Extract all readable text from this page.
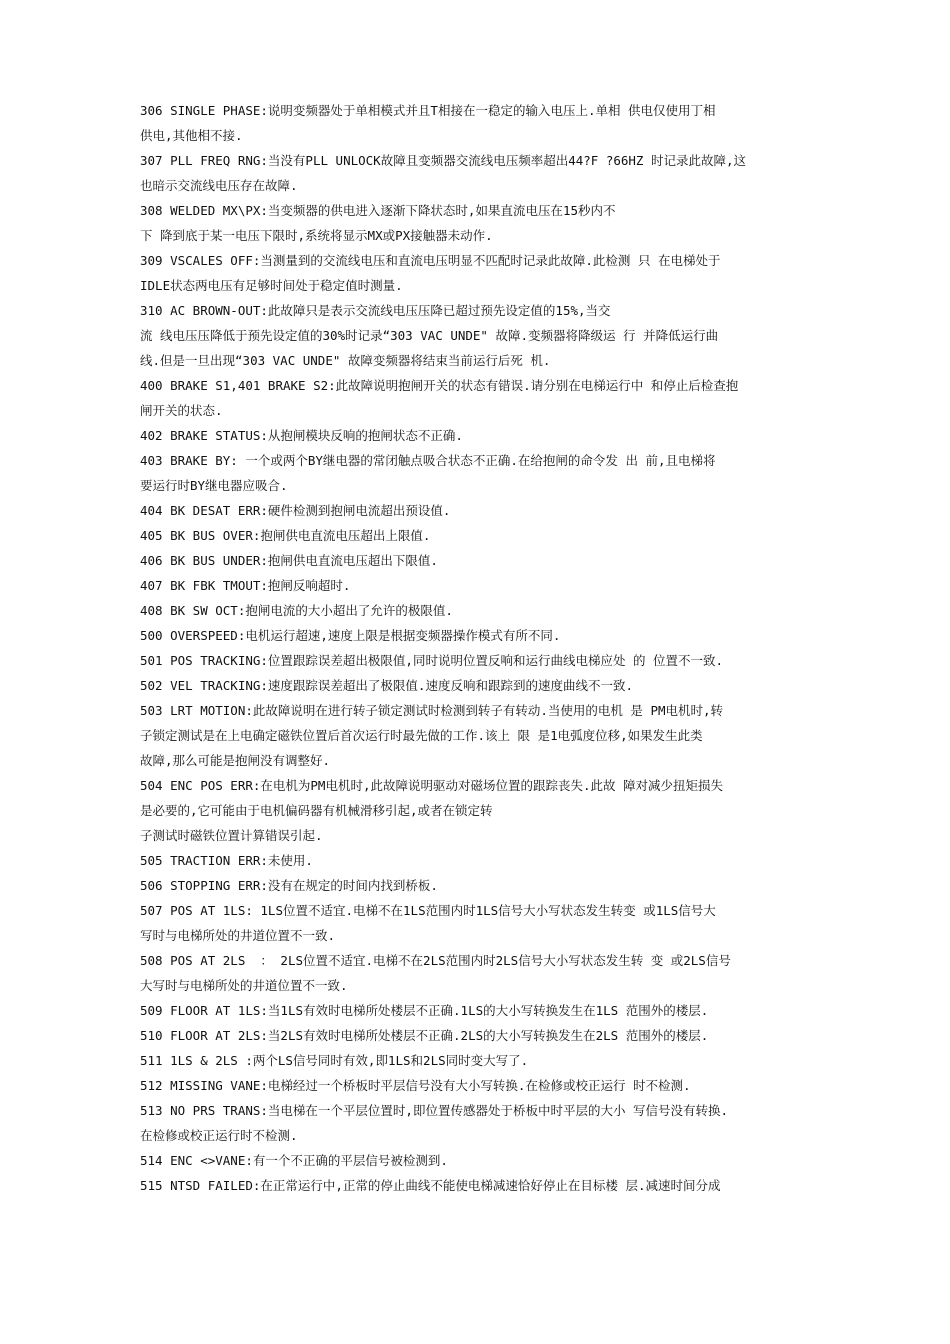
306 SINGLE PHASE:说明变频器处于单相模式并且T相接在一稳定的输入电压上.单相 供电仅使用丁相
供电,其他相不接.
307 PLL FREQ RNG:当没有PLL UNLOCK故障且变频器交流线电压频率超出44?F ?66HZ 时记录此故障,这
也暗示交流线电压存在故障.
308 WELDED MX\PX:当变频器的供电进入逐渐下降状态时,如果直流电压在15秒内不
下 降到底于某一电压下限时,系统将显示MX或PX接触器未动作.
309 VSCALES OFF:当测量到的交流线电压和直流电压明显不匹配时记录此故障.此检测 只 在电梯处于
IDLE状态两电压有足够时间处于稳定值时测量.
310 AC BROWN-OUT:此故障只是表示交流线电压压降已超过预先设定值的15%,当交
流 线电压压降低于预先设定值的30%时记录“303 VAC UNDE" 故障.变频器将降级运 行 并降低运行曲
线.但是一旦出现“303 VAC UNDE" 故障变频器将结束当前运行后死 机.
400 BRAKE S1,401 BRAKE S2:此故障说明抱闸开关的状态有错误.请分别在电梯运行中 和停止后检查抱
闸开关的状态.
402 BRAKE STATUS:从抱闸模块反响的抱闸状态不正确.
403 BRAKE BY: 一个或两个BY继电器的常闭触点吸合状态不正确.在给抱闸的命令发 出 前,且电梯将
要运行时BY继电器应吸合.
404 BK DESAT ERR:硬件检测到抱闸电流超出预设值.
405 BK BUS OVER:抱闸供电直流电压超出上限值.
406 BK BUS UNDER:抱闸供电直流电压超出下限值.
407 BK FBK TMOUT:抱闸反响超时.
408 BK SW OCT:抱闸电流的大小超出了允许的极限值.
500 OVERSPEED:电机运行超速,速度上限是根据变频器操作模式有所不同.
501 POS TRACKING:位置跟踪误差超出极限值,同时说明位置反响和运行曲线电梯应处 的 位置不一致.
502 VEL TRACKING:速度跟踪误差超出了极限值.速度反响和跟踪到的速度曲线不一致.
503 LRT MOTION:此故障说明在进行转子锁定测试时检测到转子有转动.当使用的电机 是 PM电机时,转
子锁定测试是在上电确定磁铁位置后首次运行时最先做的工作.该上 限 是1电弧度位移,如果发生此类
故障,那么可能是抱闸没有调整好.
504 ENC POS ERR:在电机为PM电机时,此故障说明驱动对磁场位置的跟踪丧失.此故 障对减少扭矩损失
是必要的,它可能由于电机偏码器有机械滑移引起,或者在锁定转
子测试时磁铁位置计算错误引起.
505 TRACTION ERR:未使用.
506 STOPPING ERR:没有在规定的时间内找到桥板.
507 POS AT 1LS: 1LS位置不适宜.电梯不在1LS范围内时1LS信号大小写状态发生转变 或1LS信号大
写时与电梯所处的井道位置不一致.
508 POS AT 2LS  ： 2LS位置不适宜.电梯不在2LS范围内时2LS信号大小写状态发生转 变 或2LS信号
大写时与电梯所处的井道位置不一致.
509 FLOOR AT 1LS:当1LS有效时电梯所处楼层不正确.1LS的大小写转换发生在1LS 范围外的楼层.
510 FLOOR AT 2LS:当2LS有效时电梯所处楼层不正确.2LS的大小写转换发生在2LS 范围外的楼层.
511 1LS & 2LS :两个LS信号同时有效,即1LS和2LS同时变大写了.
512 MISSING VANE:电梯经过一个桥板时平层信号没有大小写转换.在检修或校正运行 时不检测.
513 NO PRS TRANS:当电梯在一个平层位置时,即位置传感器处于桥板中时平层的大小 写信号没有转换.
在检修或校正运行时不检测.
514 ENC <>VANE:有一个不正确的平层信号被检测到.
515 NTSD FAILED:在正常运行中,正常的停止曲线不能使电梯减速恰好停止在目标楼 层.减速时间分成
